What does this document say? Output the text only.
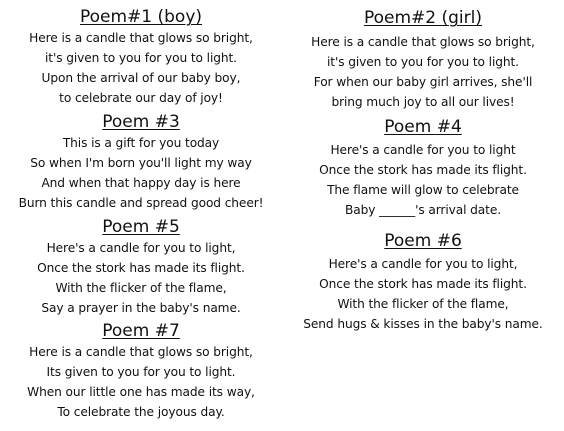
Poem#1 (boy)
Here is a candle that glows so bright,
it's given to you for you to light.
Upon the arrival of our baby boy,
to celebrate our day of joy!
Poem #3
This is a gift for you today
So when I'm born you'll light my way
And when that happy day is here
Burn this candle and spread good cheer!
Poem #5
Here's a candle for you to light,
Once the stork has made its flight.
With the flicker of the flame,
Say a prayer in the baby's name.
Poem #7
Here is a candle that glows so bright,
Its given to you for you to light.
When our little one has made its way,
To celebrate the joyous day.
Poem#2 (girl)
Here is a candle that glows so bright,
it's given to you for you to light.
For when our baby girl arrives, she'll
bring much joy to all our lives!
Poem #4
Here's a candle for you to light
Once the stork has made its flight.
The flame will glow to celebrate
Baby ______'s arrival date.
Poem #6
Here's a candle for you to light,
Once the stork has made its flight.
With the flicker of the flame,
Send hugs & kisses in the baby's name.
